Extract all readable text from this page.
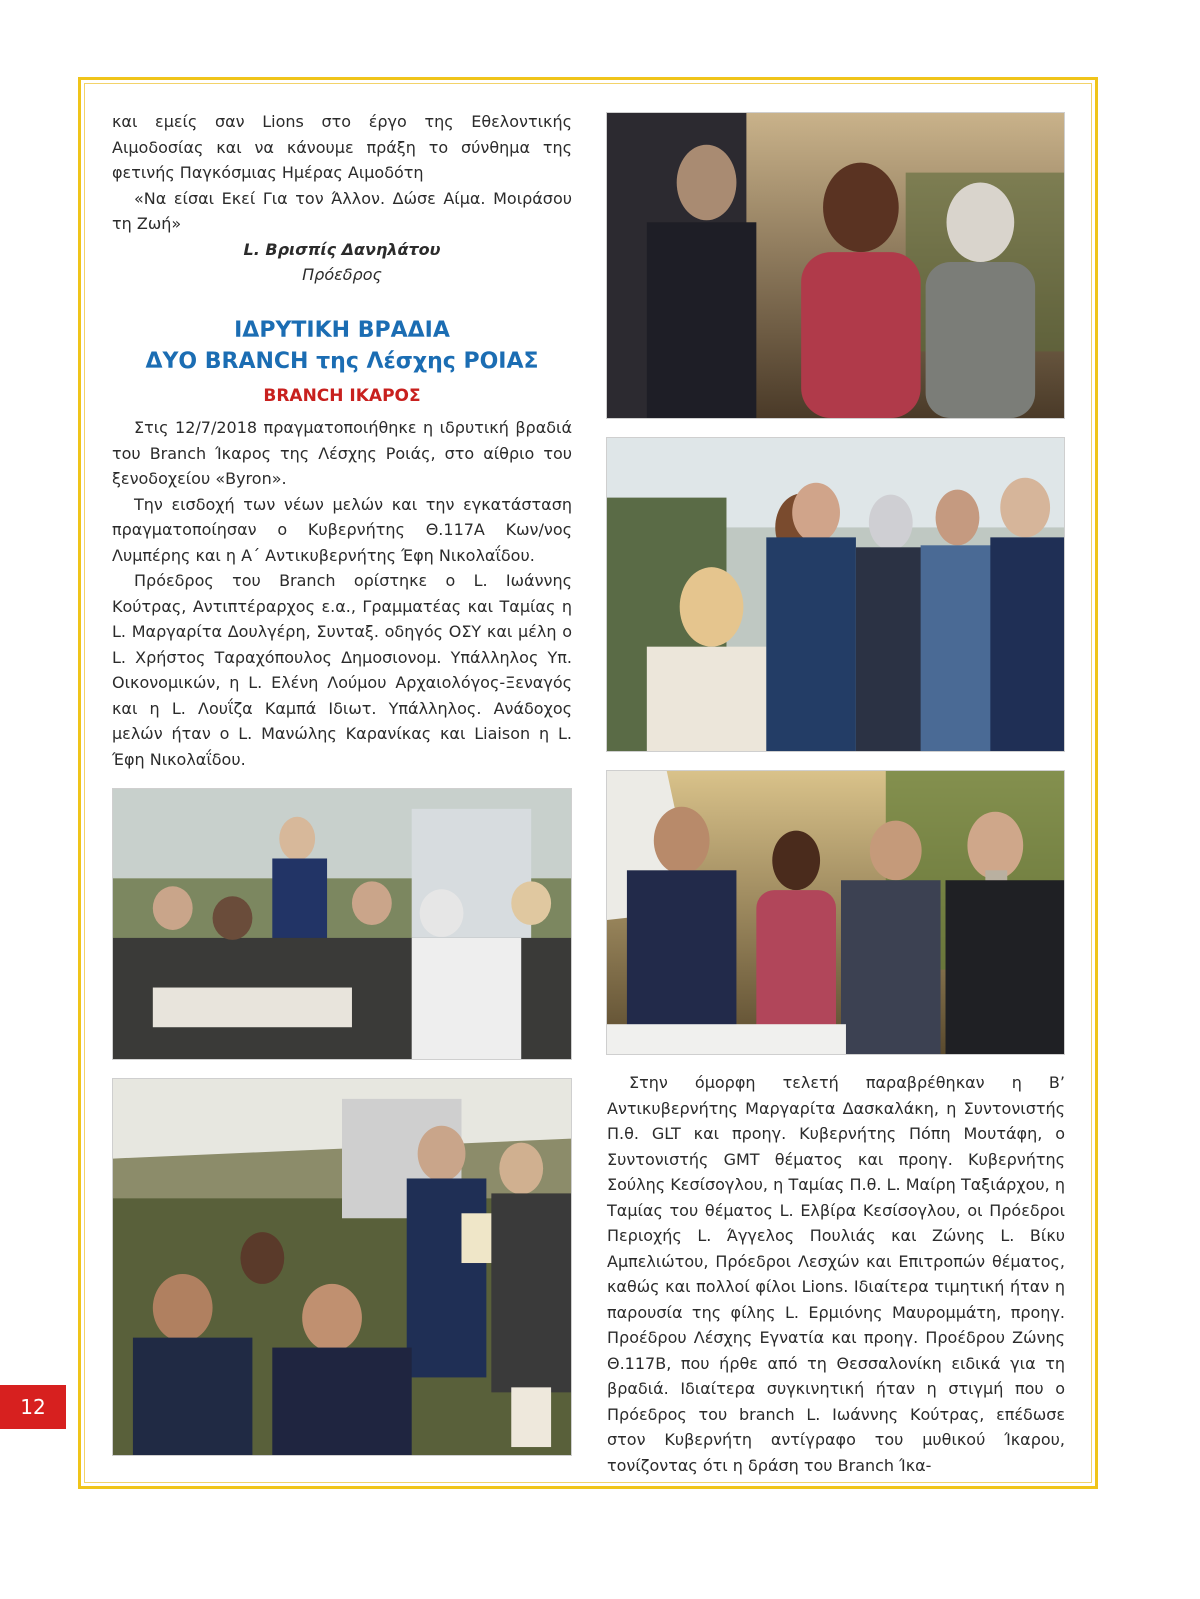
και εμείς σαν Lions στο έργο της Εθελοντικής Αιμοδοσίας και να κάνουμε πράξη το σύνθημα της φετινής Παγκόσμιας Ημέρας Αιμοδότη

«Να είσαι Εκεί Για τον Άλλον. Δώσε Αίμα. Μοιράσου τη Ζωή»

L. Βρισπίς Δανηλάτου

Πρόεδρος

ΙΔΡΥΤΙΚΗ ΒΡΑΔΙΑ
ΔΥΟ BRANCH της Λέσχης ΡΟΙΑΣ
BRANCH ΙΚΑΡΟΣ

Στις 12/7/2018 πραγματοποιήθηκε η ιδρυτική βραδιά του Branch Ίκαρος της Λέσχης Ροιάς, στο αίθριο του ξενοδοχείου «Byron».

Την εισδοχή των νέων μελών και την εγκατάσταση πραγματοποίησαν ο Κυβερνήτης Θ.117Α Κων/νος Λυμπέρης και η Α΄ Αντικυβερνήτης Έφη Νικολαΐδου.

Πρόεδρος του Branch ορίστηκε ο L. Ιωάννης Κούτρας, Αντιπτέραρχος ε.α., Γραμματέας και Ταμίας η L. Μαργαρίτα Δουλγέρη, Συνταξ. οδηγός ΟΣΥ και μέλη ο L. Χρήστος Ταραχόπουλος Δημοσιονομ. Υπάλληλος Υπ. Οικονομικών, η L. Ελένη Λούμου Αρχαιολόγος-Ξεναγός και η L. Λουΐζα Καμπά Ιδιωτ. Υπάλληλος. Ανάδοχος μελών ήταν ο L. Μανώλης Καρανίκας και Liaison η L. Έφη Νικολαΐδου.

Στην όμορφη τελετή παραβρέθηκαν η Β’ Αντικυβερνήτης Μαργαρίτα Δασκαλάκη, η Συντονιστής Π.θ. GLT και προηγ. Κυβερνήτης Πόπη Μουτάφη, ο Συντονιστής GMT θέματος και προηγ. Κυβερνήτης Σούλης Κεσίσογλου, η Ταμίας Π.θ. L. Μαίρη Ταξιάρχου, η Ταμίας του θέματος L. Ελβίρα Κεσίσογλου, οι Πρόεδροι Περιοχής L. Άγγελος Πουλιάς και Ζώνης L. Βίκυ Αμπελιώτου, Πρόεδροι Λεσχών και Επιτροπών θέματος, καθώς και πολλοί φίλοι Lions. Ιδιαίτερα τιμητική ήταν η παρουσία της φίλης L. Ερμιόνης Μαυρομμάτη, προηγ. Προέδρου Λέσχης Εγνατία και προηγ. Προέδρου Ζώνης Θ.117Β, που ήρθε από τη Θεσσαλονίκη ειδικά για τη βραδιά. Ιδιαίτερα συγκινητική ήταν η στιγμή που ο Πρόεδρος του branch L. Ιωάννης Κούτρας, επέδωσε στον Κυβερνήτη αντίγραφο του μυθικού Ίκαρου, τονίζοντας ότι η δράση του Branch Ίκα-

12
